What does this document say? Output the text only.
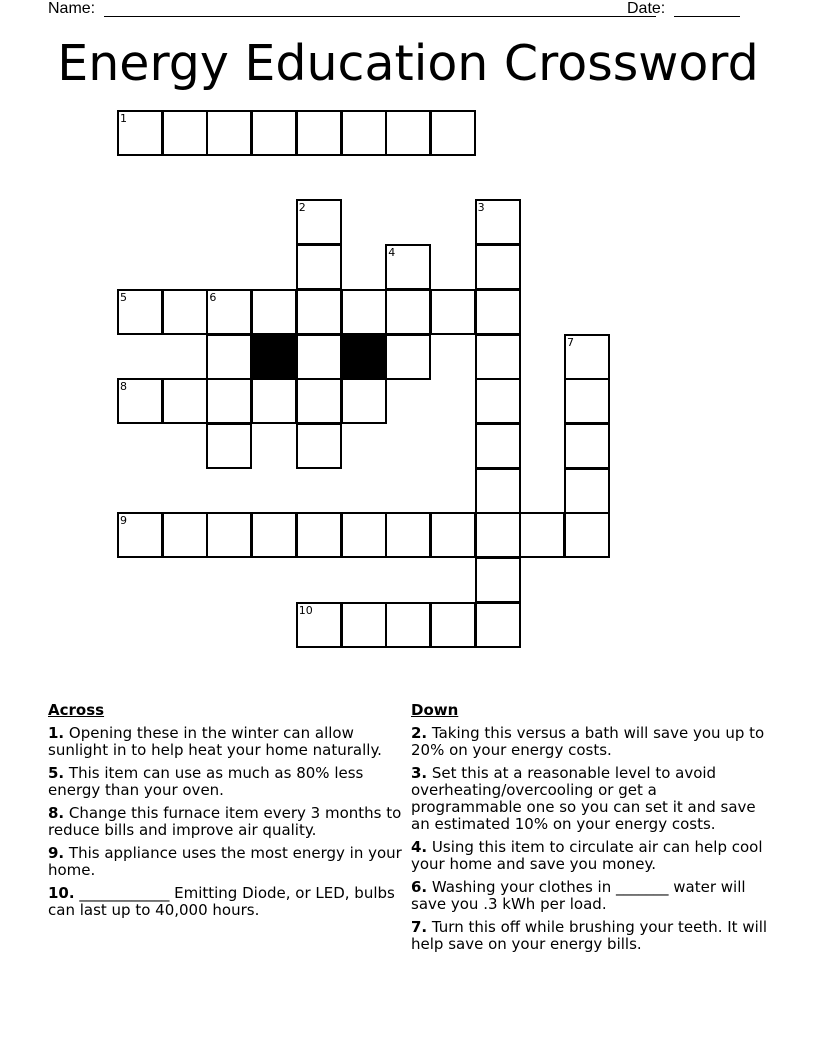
Name:	Date:
Energy Education Crossword
1
2	3
4
5	6
7
8
9
10
Across
1. Opening these in the winter can allow sunlight in to help heat your home naturally.
5. This item can use as much as 80% less energy than your oven.
8. Change this furnace item every 3 months to reduce bills and improve air quality.
9. This appliance uses the most energy in your home.
10. ____________ Emitting Diode, or LED, bulbs can last up to 40,000 hours.
Down
2. Taking this versus a bath will save you up to 20% on your energy costs.
3. Set this at a reasonable level to avoid overheating/overcooling or get a programmable one so you can set it and save an estimated 10% on your energy costs.
4. Using this item to circulate air can help cool your home and save you money.
6. Washing your clothes in _______ water will save you .3 kWh per load.
7. Turn this off while brushing your teeth. It will help save on your energy bills.
